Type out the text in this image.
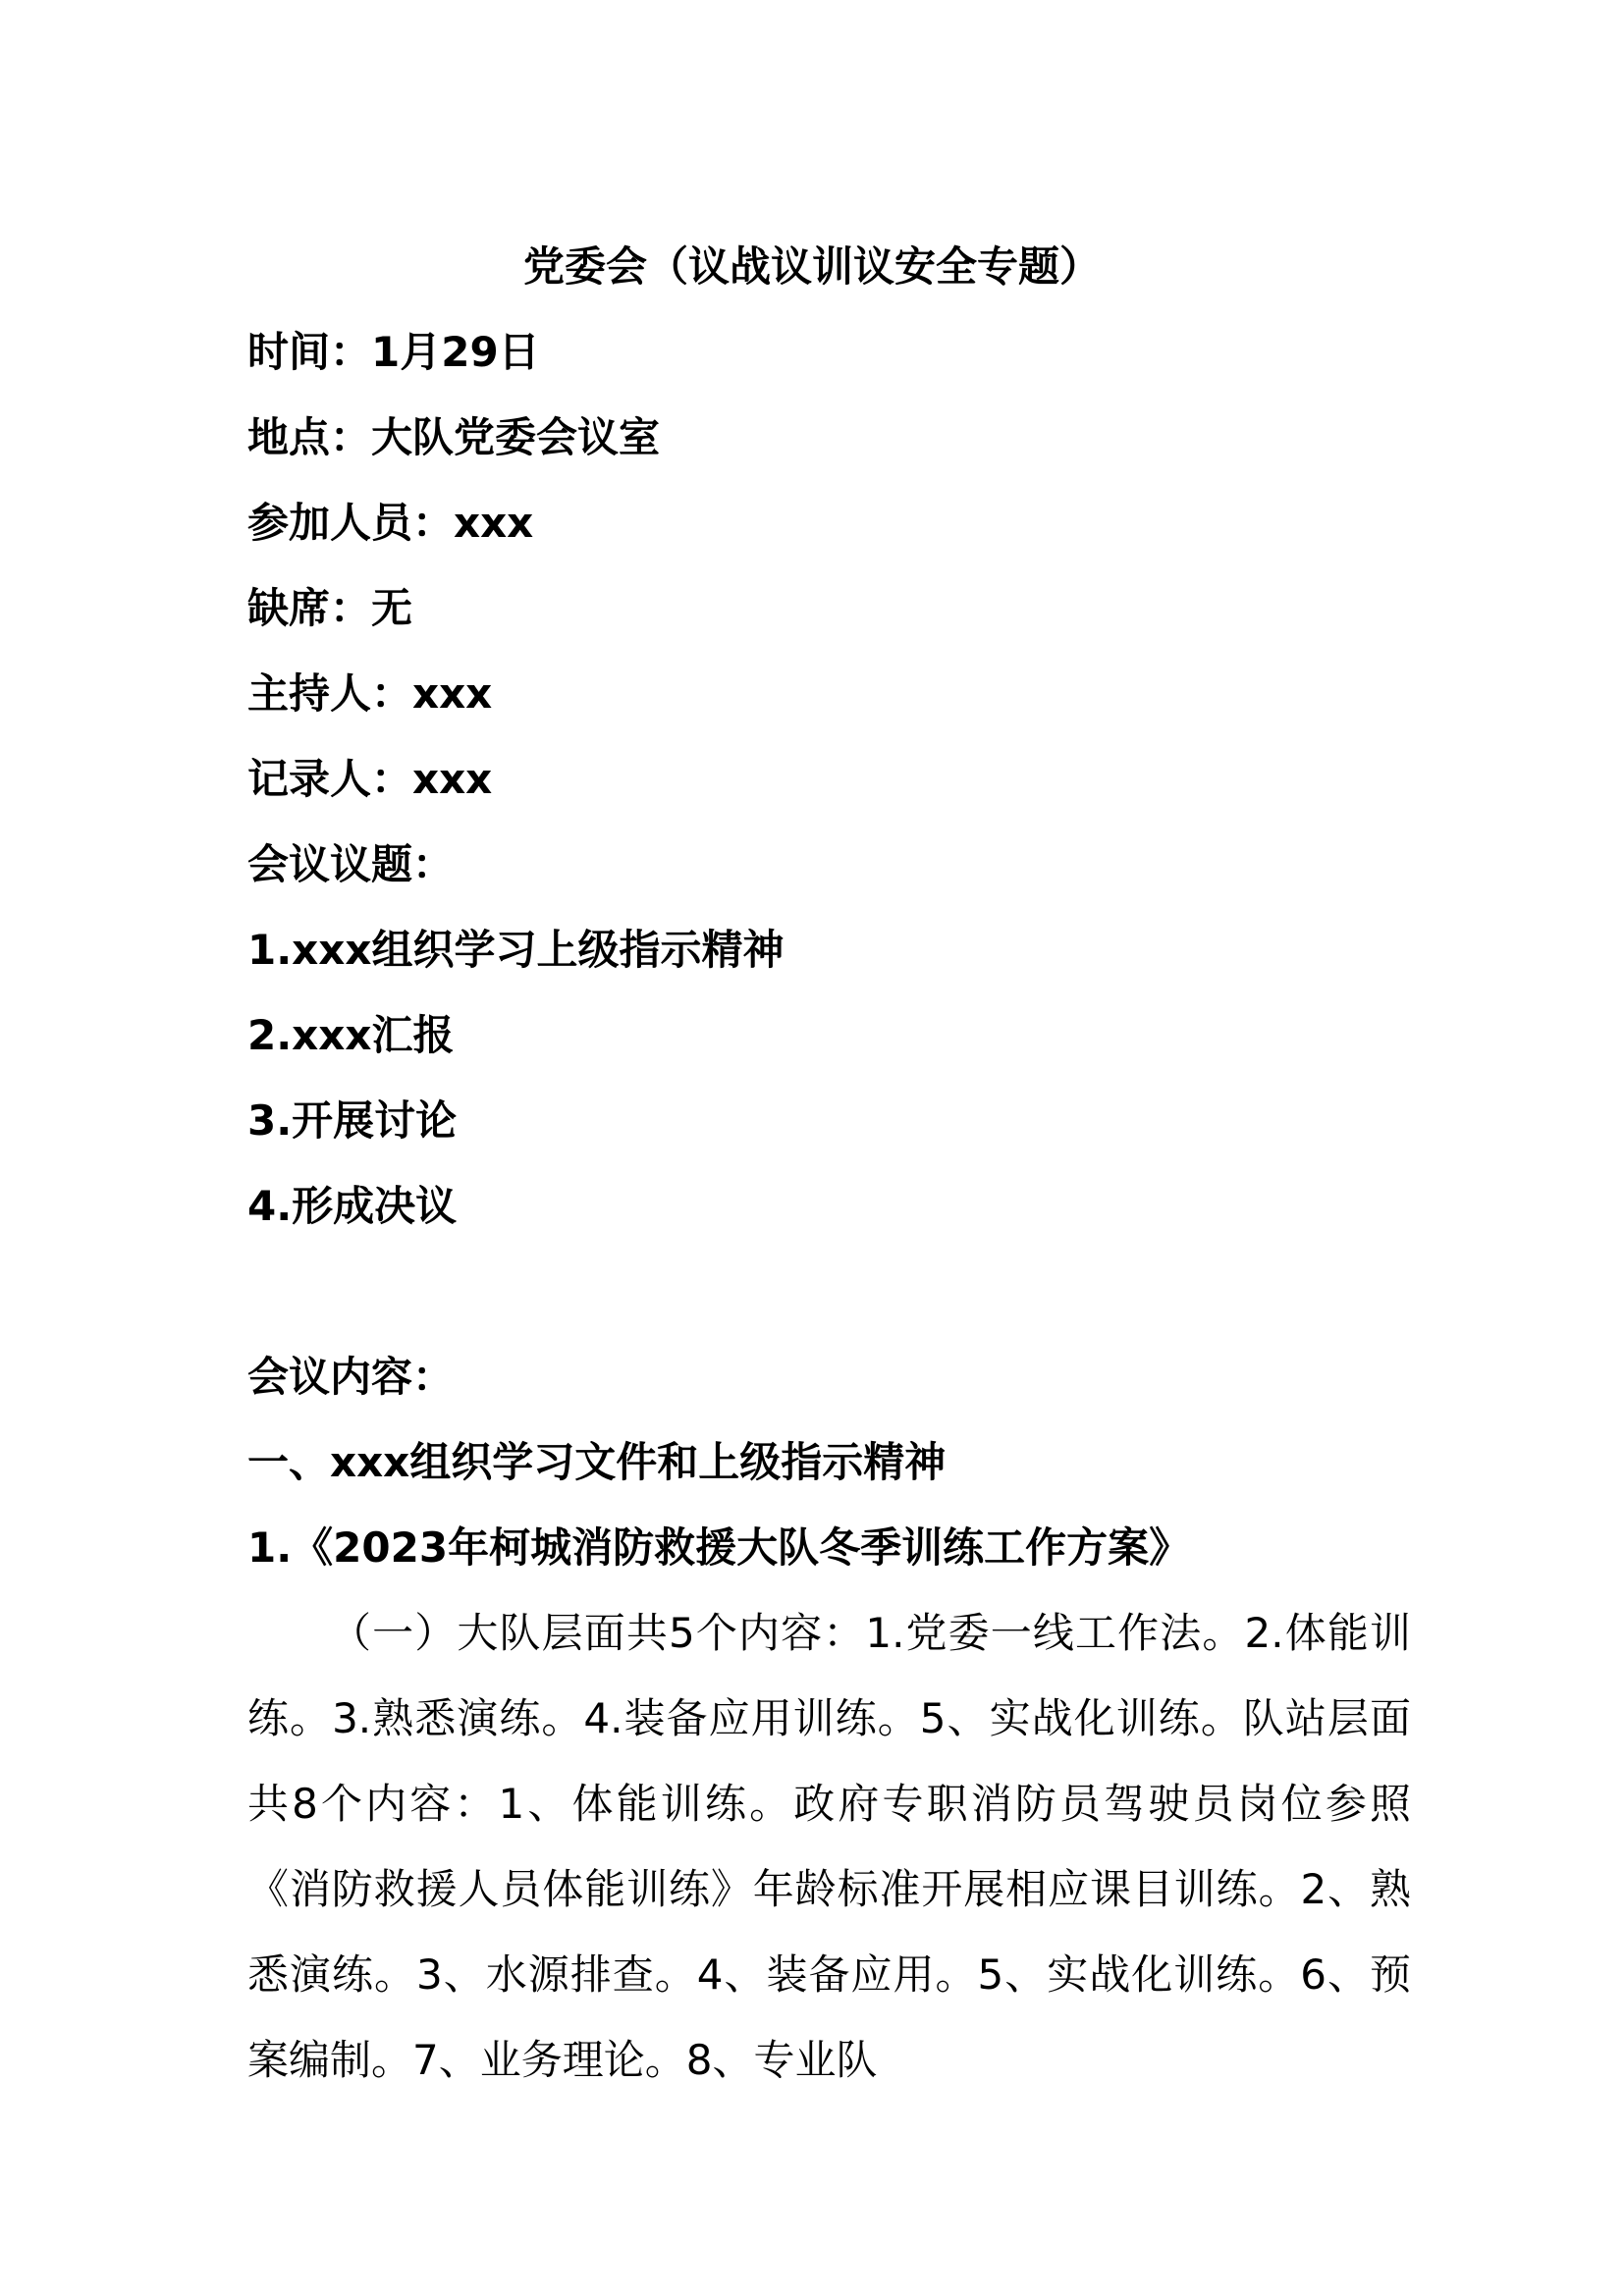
党委会（议战议训议安全专题）
时间：1月29日
地点：大队党委会议室
参加人员：xxx
缺席：无
主持人：xxx
记录人：xxx
会议议题：
1.xxx组织学习上级指示精神
2.xxx汇报
3.开展讨论
4.形成决议
会议内容：
一、xxx组织学习文件和上级指示精神
1.《2023年柯城消防救援大队冬季训练工作方案》

（一）大队层面共5个内容：1.党委一线工作法。2.体能训练。3.熟悉演练。4.装备应用训练。5、实战化训练。队站层面共8个内容：1、体能训练。政府专职消防员驾驶员岗位参照《消防救援人员体能训练》年龄标准开展相应课目训练。2、熟悉演练。3、水源排查。4、装备应用。5、实战化训练。6、预案编制。7、业务理论。8、专业队
